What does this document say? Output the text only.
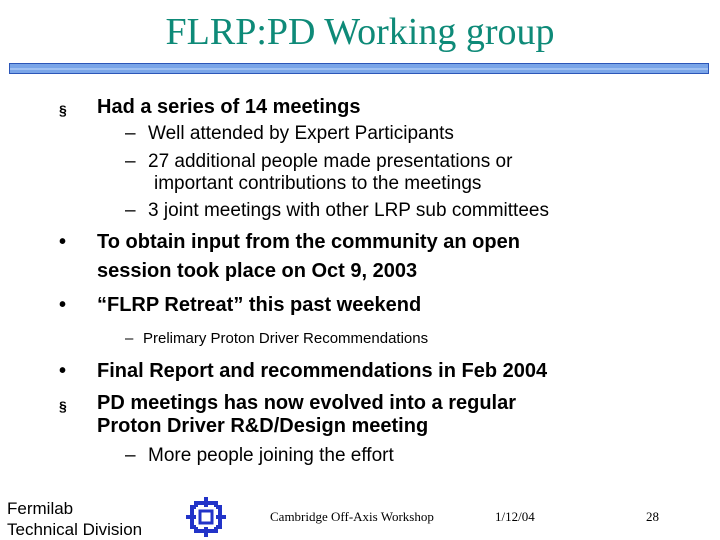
FLRP:PD Working group
§ Had a series of 14 meetings
– Well attended by Expert Participants
– 27 additional people made presentations or
important contributions to the meetings
– 3 joint meetings with other LRP sub committees
• To obtain input from the community an open
session took place on Oct 9, 2003
• “FLRP Retreat” this past weekend
– Prelimary Proton Driver Recommendations
• Final Report and recommendations in Feb 2004
§ PD meetings has now evolved into a regular
Proton Driver R&D/Design meeting
– More people joining the effort
Fermilab
Technical Division
Cambridge Off-Axis Workshop	1/12/04	28
